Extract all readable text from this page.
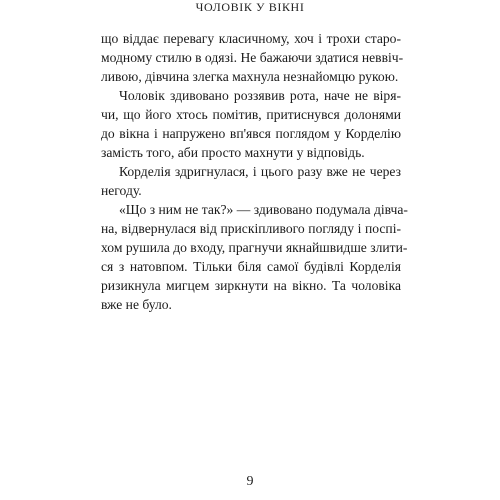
ЧОЛОВІК У ВІКНІ
що віддає перевагу класичному, хоч і трохи старо-
модному стилю в одязі. Не бажаючи здатися неввіч-
ливою, дівчина злегка махнула незнайомцю рукою.
Чоловік здивовано роззявив рота, наче не віря-
чи, що його хтось помітив, притиснувся долонями
до вікна і напружено вп'явся поглядом у Корделію
замість того, аби просто махнути у відповідь.
Корделія здригнулася, і цього разу вже не через
негоду.
«Що з ним не так?» — здивовано подумала дівча-
на, відвернулася від прискіпливого погляду і поспі-
хом рушила до входу, прагнучи якнайшвидше злити-
ся з натовпом. Тільки біля самої будівлі Корделія
ризикнула мигцем зиркнути на вікно. Та чоловіка
вже не було.
9
